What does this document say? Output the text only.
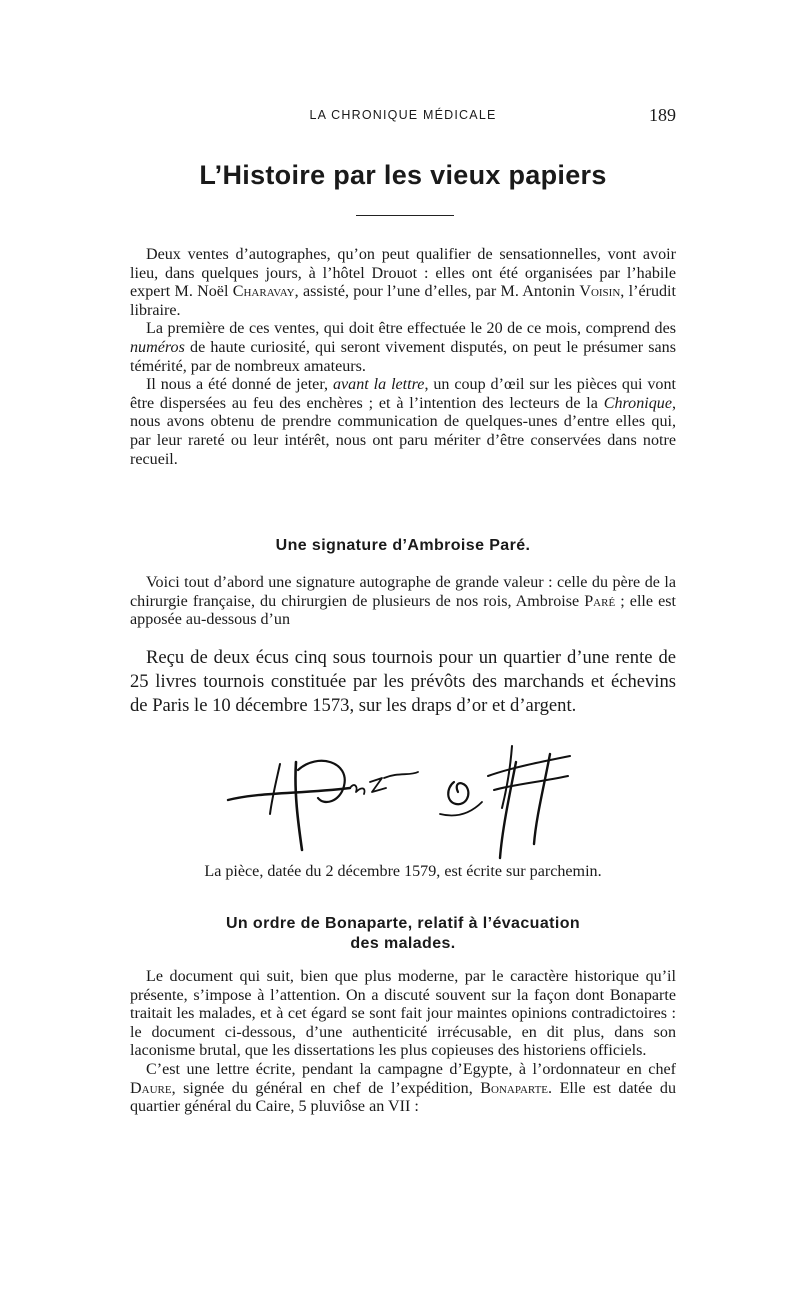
LA CHRONIQUE MÉDICALE	189
L’Histoire par les vieux papiers

Deux ventes d’autographes, qu’on peut qualifier de sensationnelles, vont avoir lieu, dans quelques jours, à l’hôtel Drouot : elles ont été organisées par l’habile expert M. Noël Charavay, assisté, pour l’une d’elles, par M. Antonin Voisin, l’érudit libraire.

La première de ces ventes, qui doit être effectuée le 20 de ce mois, comprend des numéros de haute curiosité, qui seront vivement disputés, on peut le présumer sans témérité, par de nombreux amateurs.

Il nous a été donné de jeter, avant la lettre, un coup d’œil sur les pièces qui vont être dispersées au feu des enchères ; et à l’intention des lecteurs de la Chronique, nous avons obtenu de prendre communication de quelques-unes d’entre elles qui, par leur rareté ou leur intérêt, nous ont paru mériter d’être conservées dans notre recueil.

Une signature d’Ambroise Paré.

Voici tout d’abord une signature autographe de grande valeur : celle du père de la chirurgie française, du chirurgien de plusieurs de nos rois, Ambroise Paré ; elle est apposée au-dessous d’un

Reçu de deux écus cinq sous tournois pour un quartier d’une rente de 25 livres tournois constituée par les prévôts des marchands et échevins de Paris le 10 décembre 1573, sur les draps d’or et d’argent.

La pièce, datée du 2 décembre 1579, est écrite sur parchemin.
Un ordre de Bonaparte, relatif à l’évacuation
des malades.

Le document qui suit, bien que plus moderne, par le caractère historique qu’il présente, s’impose à l’attention. On a discuté souvent sur la façon dont Bonaparte traitait les malades, et à cet égard se sont fait jour maintes opinions contradictoires : le document ci-dessous, d’une authenticité irrécusable, en dit plus, dans son laconisme brutal, que les dissertations les plus copieuses des historiens officiels.

C’est une lettre écrite, pendant la campagne d’Egypte, à l’ordonnateur en chef Daure, signée du général en chef de l’expédition, Bonaparte. Elle est datée du quartier général du Caire, 5 pluviôse an VII :
